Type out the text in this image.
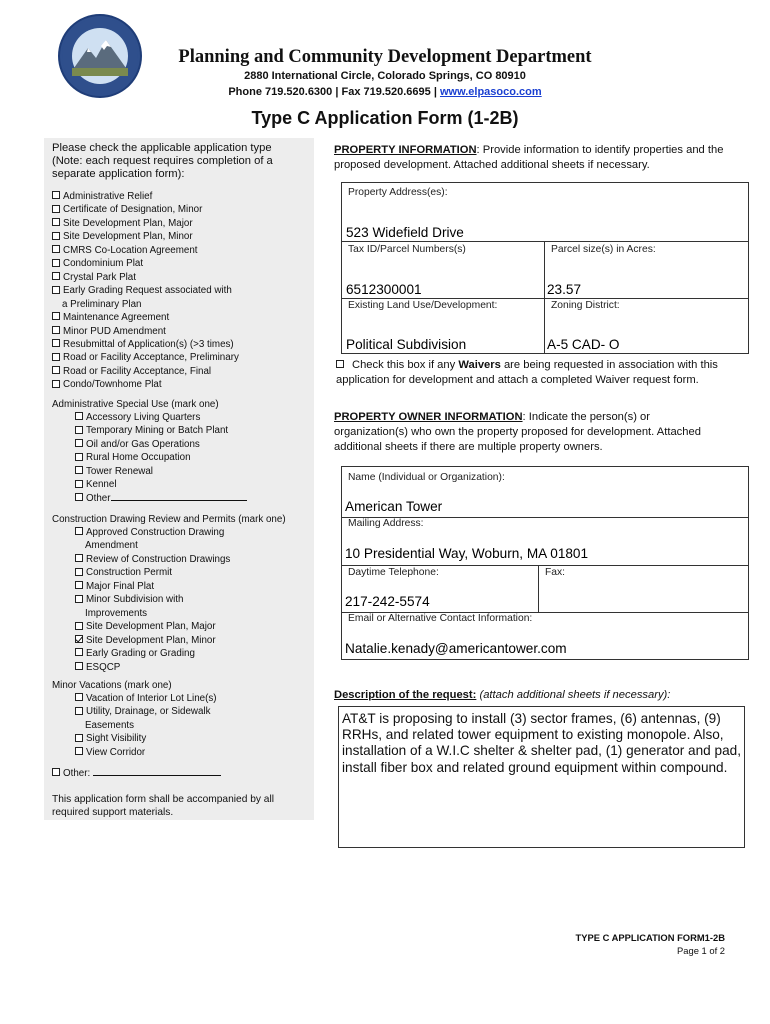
Planning and Community Development Department
2880 International Circle, Colorado Springs, CO 80910
Phone 719.520.6300 | Fax 719.520.6695 | www.elpasoco.com
Type C Application Form (1-2B)
Please check the applicable application type (Note: each request requires completion of a separate application form):
Administrative Relief
Certificate of Designation, Minor
Site Development Plan, Major
Site Development Plan, Minor
CMRS Co-Location Agreement
Condominium Plat
Crystal Park Plat
Early Grading Request associated with
a Preliminary Plan
Maintenance Agreement
Minor PUD Amendment
Resubmittal of Application(s) (>3 times)
Road or Facility Acceptance, Preliminary
Road or Facility Acceptance, Final
Condo/Townhome Plat
Administrative Special Use (mark one)
Accessory Living Quarters
Temporary Mining or Batch Plant
Oil and/or Gas Operations
Rural Home Occupation
Tower Renewal
Kennel
Other
Construction Drawing Review and Permits (mark one)
Approved Construction Drawing
Amendment
Review of Construction Drawings
Construction Permit
Major Final Plat
Minor Subdivision with
Improvements
Site Development Plan, Major
Site Development Plan, Minor
Early Grading or Grading
ESQCP
Minor Vacations (mark one)
Vacation of Interior Lot Line(s)
Utility, Drainage, or Sidewalk
Easements
Sight Visibility
View Corridor
Other:
This application form shall be accompanied by all required support materials.
PROPERTY INFORMATION: Provide information to identify properties and the proposed development. Attached additional sheets if necessary.
Property Address(es):
523 Widefield Drive
Tax ID/Parcel Numbers(s)	Parcel size(s) in Acres:
6512300001	23.57
Existing Land Use/Development:	Zoning District:
Political Subdivision	A-5 CAD- O
Check this box if any Waivers are being requested in association with this application for development and attach a completed Waiver request form.
PROPERTY OWNER INFORMATION: Indicate the person(s) or organization(s) who own the property proposed for development. Attached additional sheets if there are multiple property owners.
Name (Individual or Organization):
American Tower
Mailing Address:
10 Presidential Way, Woburn, MA 01801
Daytime Telephone:	Fax:
217-242-5574
Email or Alternative Contact Information:
Natalie.kenady@americantower.com
Description of the request: (attach additional sheets if necessary):
AT&T is proposing to install (3) sector frames, (6) antennas, (9) RRHs, and related tower equipment to existing monopole. Also, installation of a W.I.C shelter & shelter pad, (1) generator and pad, install fiber box and related ground equipment within compound.
TYPE C APPLICATION FORM1-2B
Page 1 of 2
